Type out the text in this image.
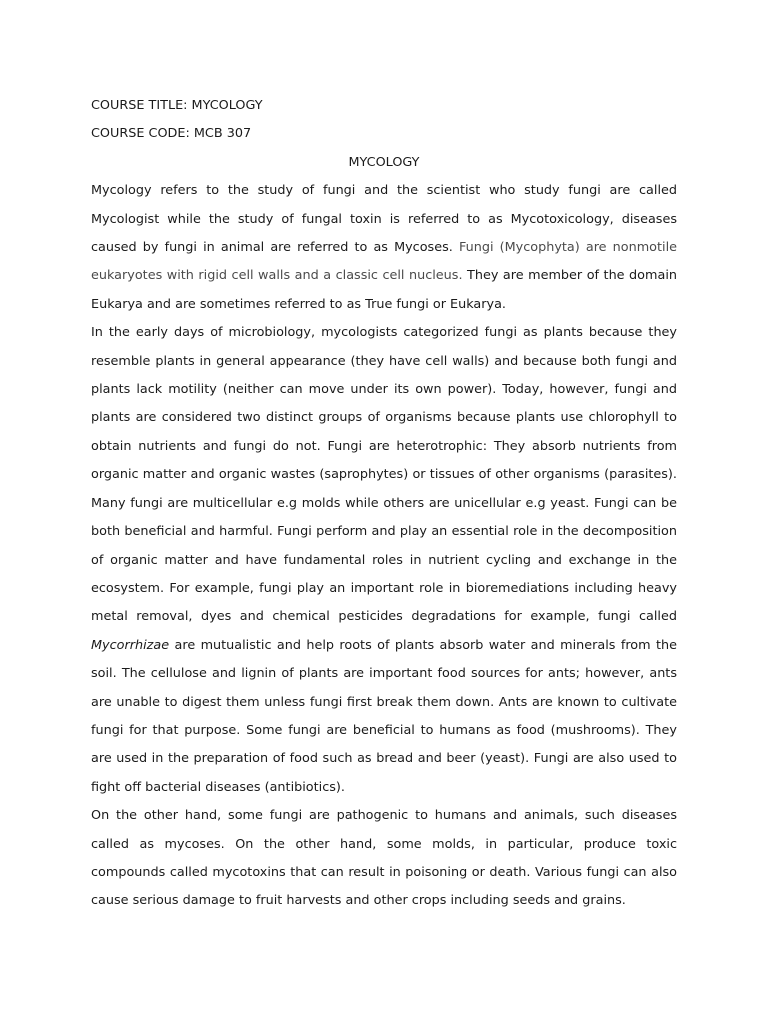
COURSE TITLE: MYCOLOGY

COURSE CODE: MCB 307

MYCOLOGY

Mycology refers to the study of fungi and the scientist who study fungi are called Mycologist while the study of fungal toxin is referred to as Mycotoxicology, diseases caused by fungi in animal are referred to as Mycoses. Fungi (Mycophyta) are nonmotile eukaryotes with rigid cell walls and a classic cell nucleus. They are member of the domain Eukarya and are sometimes referred to as True fungi or Eukarya.

In the early days of microbiology, mycologists categorized fungi as plants because they resemble plants in general appearance (they have cell walls) and because both fungi and plants lack motility (neither can move under its own power). Today, however, fungi and plants are considered two distinct groups of organisms because plants use chlorophyll to obtain nutrients and fungi do not. Fungi are heterotrophic: They absorb nutrients from organic matter and organic wastes (saprophytes) or tissues of other organisms (parasites). Many fungi are multicellular e.g molds while others are unicellular e.g yeast. Fungi can be both beneficial and harmful. Fungi perform and play an essential role in the decomposition of organic matter and have fundamental roles in nutrient cycling and exchange in the ecosystem. For example, fungi play an important role in bioremediations including heavy metal removal, dyes and chemical pesticides degradations for example, fungi called Mycorrhizae are mutualistic and help roots of plants absorb water and minerals from the soil. The cellulose and lignin of plants are important food sources for ants; however, ants are unable to digest them unless fungi first break them down. Ants are known to cultivate fungi for that purpose. Some fungi are beneficial to humans as food (mushrooms). They are used in the preparation of food such as bread and beer (yeast). Fungi are also used to fight off bacterial diseases (antibiotics).

On the other hand, some fungi are pathogenic to humans and animals, such diseases called as mycoses. On the other hand, some molds, in particular, produce toxic compounds called mycotoxins that can result in poisoning or death. Various fungi can also cause serious damage to fruit harvests and other crops including seeds and grains.
